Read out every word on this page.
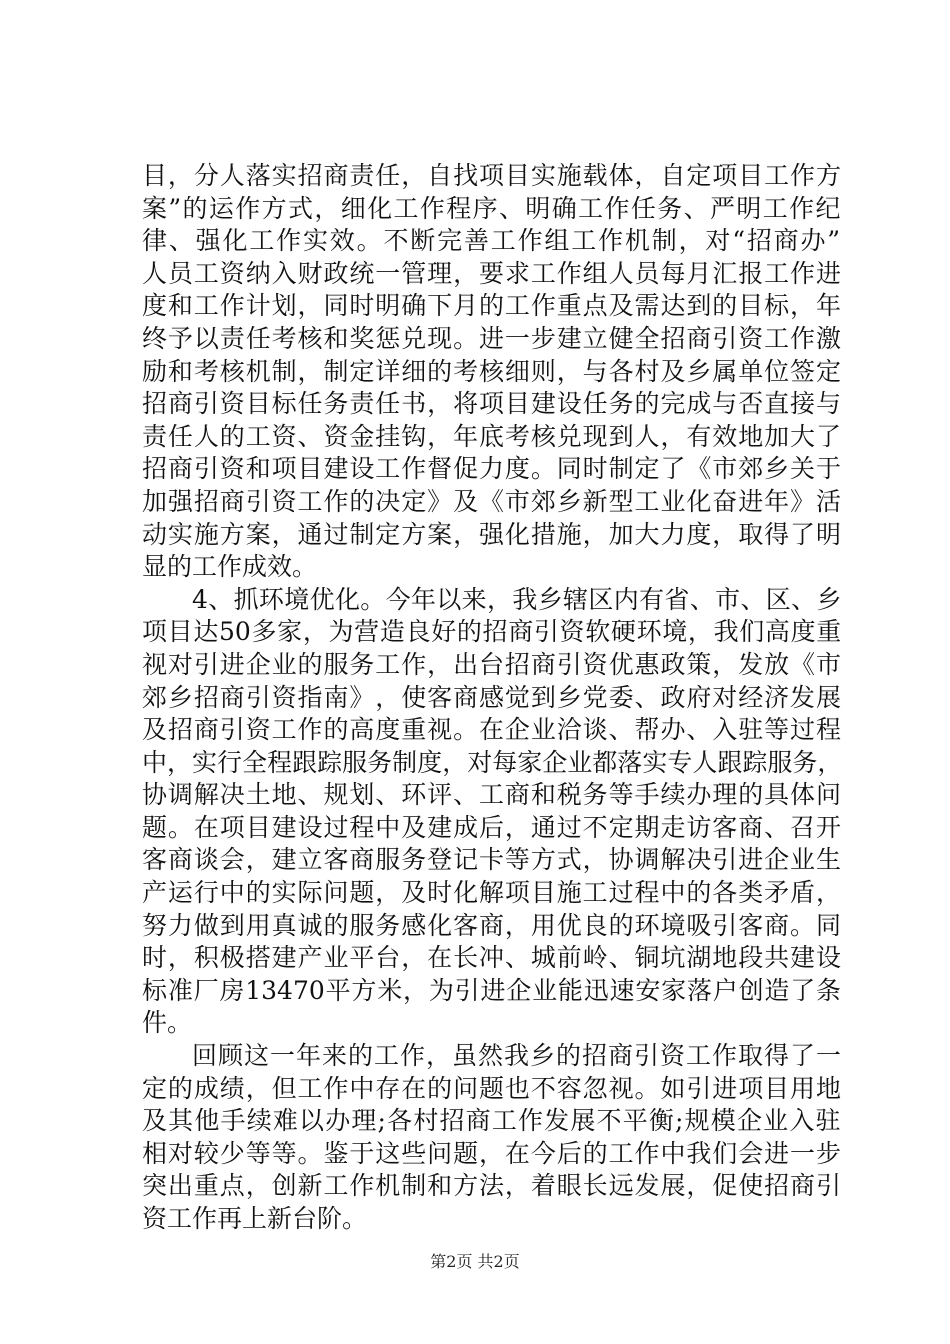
目 ， 分 人 落 实 招 商 责 任 ， 自 找 项 目 实 施 载 体 ， 自 定 项 目 工 作 方
案 ” 的 运 作 方 式 ， 细 化 工 作 程 序 、 明 确 工 作 任 务 、 严 明 工 作 纪
律 、 强 化 工 作 实 效 。 不 断 完 善 工 作 组 工 作 机 制 ， 对 “ 招 商 办 ”
人 员 工 资 纳 入 财 政 统 一 管 理 ， 要 求 工 作 组 人 员 每 月 汇 报 工 作 进
度 和 工 作 计 划 ， 同 时 明 确 下 月 的 工 作 重 点 及 需 达 到 的 目 标 ， 年
终 予 以 责 任 考 核 和 奖 惩 兑 现 。 进 一 步 建 立 健 全 招 商 引 资 工 作 激
励 和 考 核 机 制 ， 制 定 详 细 的 考 核 细 则 ， 与 各 村 及 乡 属 单 位 签 定
招 商 引 资 目 标 任 务 责 任 书 ， 将 项 目 建 设 任 务 的 完 成 与 否 直 接 与
责 任 人 的 工 资 、 资 金 挂 钩 ， 年 底 考 核 兑 现 到 人 ， 有 效 地 加 大 了
招 商 引 资 和 项 目 建 设 工 作 督 促 力 度 。 同 时 制 定 了 《 市 郊 乡 关 于
加 强 招 商 引 资 工 作 的 决 定 》 及 《 市 郊 乡 新 型 工 业 化 奋 进 年 》 活
动 实 施 方 案 ， 通 过 制 定 方 案 ， 强 化 措 施 ， 加 大 力 度 ， 取 得 了 明
显的工作成效。
　　4 、 抓 环 境 优 化 。 今 年 以 来 ， 我 乡 辖 区 内 有 省 、 市 、 区 、 乡
项 目 达 50 多 家 ， 为 营 造 良 好 的 招 商 引 资 软 硬 环 境 ， 我 们 高 度 重
视 对 引 进 企 业 的 服 务 工 作 ， 出 台 招 商 引 资 优 惠 政 策 ， 发 放 《 市
郊 乡 招 商 引 资 指 南 》 ， 使 客 商 感 觉 到 乡 党 委 、 政 府 对 经 济 发 展
及 招 商 引 资 工 作 的 高 度 重 视 。 在 企 业 洽 谈 、 帮 办 、 入 驻 等 过 程
中 ， 实 行 全 程 跟 踪 服 务 制 度 ， 对 每 家 企 业 都 落 实 专 人 跟 踪 服 务 ，
协 调 解 决 土 地 、 规 划 、 环 评 、 工 商 和 税 务 等 手 续 办 理 的 具 体 问
题 。 在 项 目 建 设 过 程 中 及 建 成 后 ， 通 过 不 定 期 走 访 客 商 、 召 开
客 商 谈 会 ， 建 立 客 商 服 务 登 记 卡 等 方 式 ， 协 调 解 决 引 进 企 业 生
产 运 行 中 的 实 际 问 题 ， 及 时 化 解 项 目 施 工 过 程 中 的 各 类 矛 盾 ，
努 力 做 到 用 真 诚 的 服 务 感 化 客 商 ， 用 优 良 的 环 境 吸 引 客 商 。 同
时 ， 积 极 搭 建 产 业 平 台 ， 在 长 冲 、 城 前 岭 、 铜 坑 湖 地 段 共 建 设
标 准 厂 房 13470 平 方 米 ， 为 引 进 企 业 能 迅 速 安 家 落 户 创 造 了 条
件。
　　回 顾 这 一 年 来 的 工 作 ， 虽 然 我 乡 的 招 商 引 资 工 作 取 得 了 一
定 的 成 绩 ， 但 工 作 中 存 在 的 问 题 也 不 容 忽 视 。 如 引 进 项 目 用 地
及 其 他 手 续 难 以 办 理 ; 各 村 招 商 工 作 发 展 不 平 衡 ; 规 模 企 业 入 驻
相 对 较 少 等 等 。 鉴 于 这 些 问 题 ， 在 今 后 的 工 作 中 我 们 会 进 一 步
突 出 重 点 ， 创 新 工 作 机 制 和 方 法 ， 着 眼 长 远 发 展 ， 促 使 招 商 引
资工作再上新台阶。
第2页 共2页
